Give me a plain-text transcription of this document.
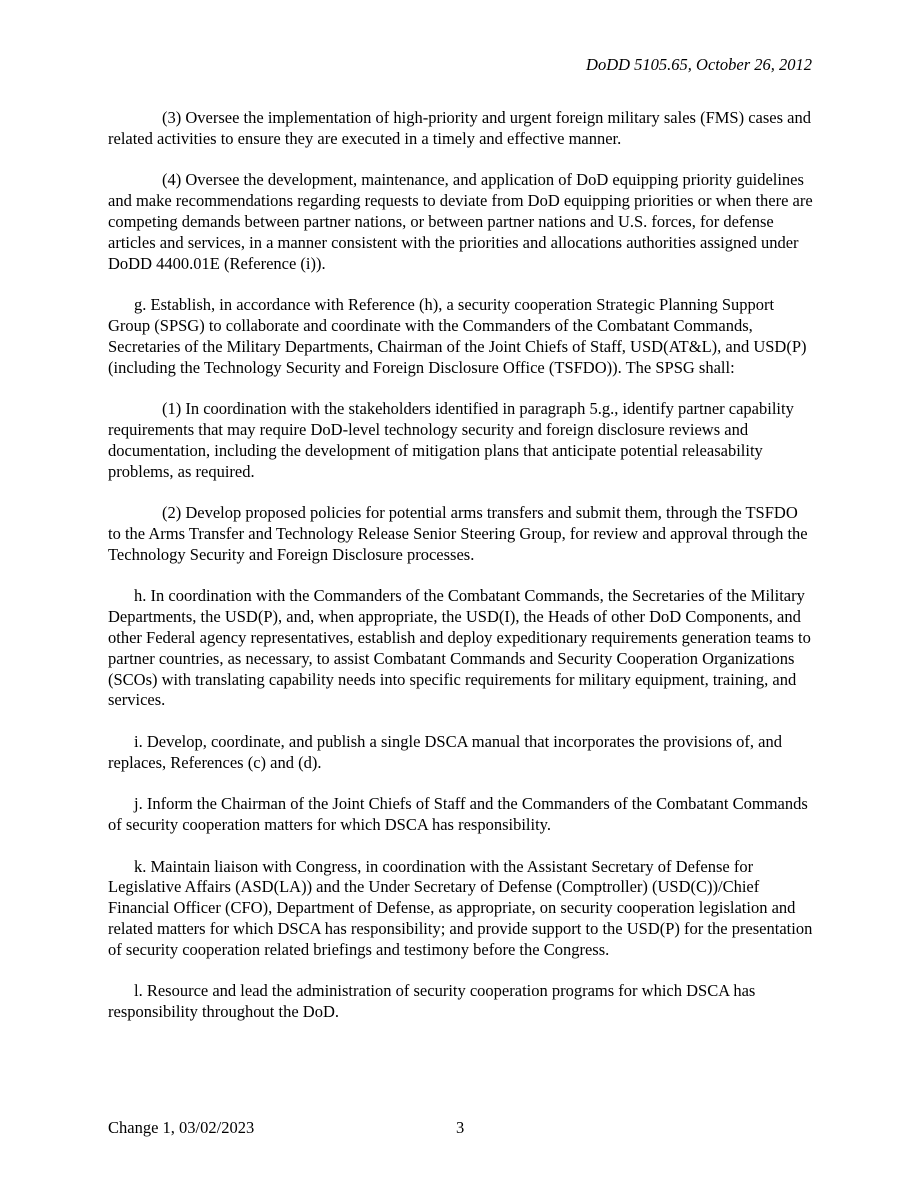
DoDD 5105.65, October 26, 2012

(3) Oversee the implementation of high-priority and urgent foreign military sales (FMS) cases and related activities to ensure they are executed in a timely and effective manner.

(4) Oversee the development, maintenance, and application of DoD equipping priority guidelines and make recommendations regarding requests to deviate from DoD equipping priorities or when there are competing demands between partner nations, or between partner nations and U.S. forces, for defense articles and services, in a manner consistent with the priorities and allocations authorities assigned under DoDD 4400.01E (Reference (i)).

g. Establish, in accordance with Reference (h), a security cooperation Strategic Planning Support Group (SPSG) to collaborate and coordinate with the Commanders of the Combatant Commands, Secretaries of the Military Departments, Chairman of the Joint Chiefs of Staff, USD(AT&L), and USD(P) (including the Technology Security and Foreign Disclosure Office (TSFDO)). The SPSG shall:

(1) In coordination with the stakeholders identified in paragraph 5.g., identify partner capability requirements that may require DoD-level technology security and foreign disclosure reviews and documentation, including the development of mitigation plans that anticipate potential releasability problems, as required.

(2) Develop proposed policies for potential arms transfers and submit them, through the TSFDO to the Arms Transfer and Technology Release Senior Steering Group, for review and approval through the Technology Security and Foreign Disclosure processes.

h. In coordination with the Commanders of the Combatant Commands, the Secretaries of the Military Departments, the USD(P), and, when appropriate, the USD(I), the Heads of other DoD Components, and other Federal agency representatives, establish and deploy expeditionary requirements generation teams to partner countries, as necessary, to assist Combatant Commands and Security Cooperation Organizations (SCOs) with translating capability needs into specific requirements for military equipment, training, and services.

i. Develop, coordinate, and publish a single DSCA manual that incorporates the provisions of, and replaces, References (c) and (d).

j. Inform the Chairman of the Joint Chiefs of Staff and the Commanders of the Combatant Commands of security cooperation matters for which DSCA has responsibility.

k. Maintain liaison with Congress, in coordination with the Assistant Secretary of Defense for Legislative Affairs (ASD(LA)) and the Under Secretary of Defense (Comptroller) (USD(C))/Chief Financial Officer (CFO), Department of Defense, as appropriate, on security cooperation legislation and related matters for which DSCA has responsibility; and provide support to the USD(P) for the presentation of security cooperation related briefings and testimony before the Congress.

l. Resource and lead the administration of security cooperation programs for which DSCA has responsibility throughout the DoD.

Change 1, 03/02/2023	3
